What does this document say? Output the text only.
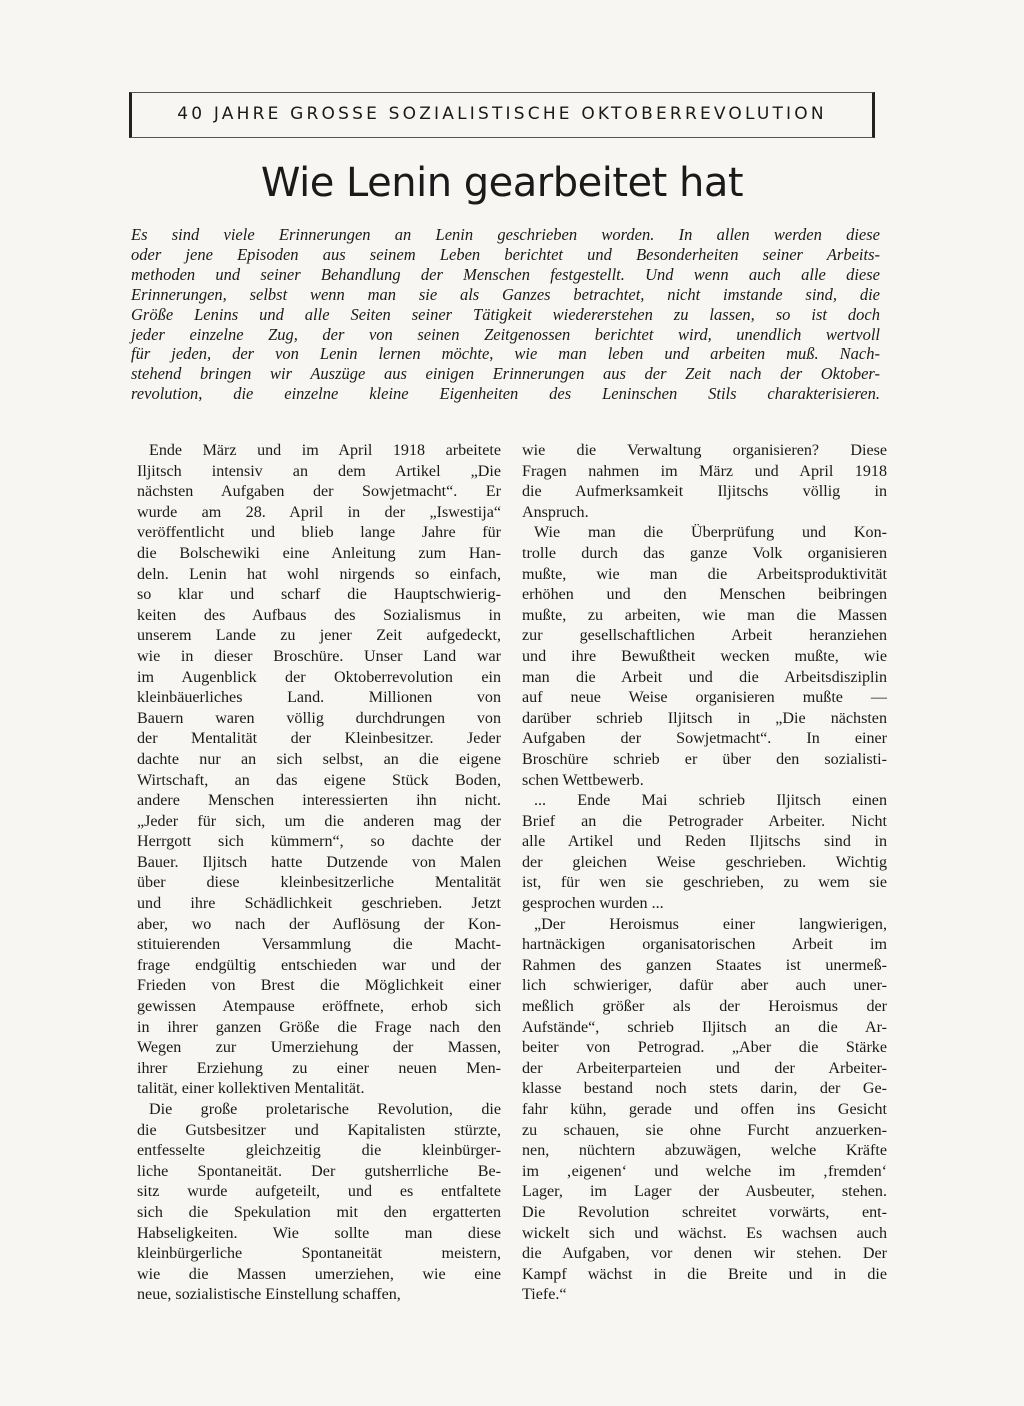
40 JAHRE GROSSE SOZIALISTISCHE OKTOBERREVOLUTION
Wie Lenin gearbeitet hat
Es sind viele Erinnerungen an Lenin geschrieben worden. In allen werden diese
oder jene Episoden aus seinem Leben berichtet und Besonderheiten seiner Arbeits-
methoden und seiner Behandlung der Menschen festgestellt. Und wenn auch alle diese
Erinnerungen, selbst wenn man sie als Ganzes betrachtet, nicht imstande sind, die
Größe Lenins und alle Seiten seiner Tätigkeit wiedererstehen zu lassen, so ist doch
jeder einzelne Zug, der von seinen Zeitgenossen berichtet wird, unendlich wertvoll
für jeden, der von Lenin lernen möchte, wie man leben und arbeiten muß. Nach-
stehend bringen wir Auszüge aus einigen Erinnerungen aus der Zeit nach der Oktober-
revolution, die einzelne kleine Eigenheiten des Leninschen Stils charakterisieren.
Ende März und im April 1918 arbeitete
Iljitsch intensiv an dem Artikel „Die
nächsten Aufgaben der Sowjetmacht“. Er
wurde am 28. April in der „Iswestija“
veröffentlicht und blieb lange Jahre für
die Bolschewiki eine Anleitung zum Han-
deln. Lenin hat wohl nirgends so einfach,
so klar und scharf die Hauptschwierig-
keiten des Aufbaus des Sozialismus in
unserem Lande zu jener Zeit aufgedeckt,
wie in dieser Broschüre. Unser Land war
im Augenblick der Oktoberrevolution ein
kleinbäuerliches Land. Millionen von
Bauern waren völlig durchdrungen von
der Mentalität der Kleinbesitzer. Jeder
dachte nur an sich selbst, an die eigene
Wirtschaft, an das eigene Stück Boden,
andere Menschen interessierten ihn nicht.
„Jeder für sich, um die anderen mag der
Herrgott sich kümmern“, so dachte der
Bauer. Iljitsch hatte Dutzende von Malen
über diese kleinbesitzerliche Mentalität
und ihre Schädlichkeit geschrieben. Jetzt
aber, wo nach der Auflösung der Kon-
stituierenden Versammlung die Macht-
frage endgültig entschieden war und der
Frieden von Brest die Möglichkeit einer
gewissen Atempause eröffnete, erhob sich
in ihrer ganzen Größe die Frage nach den
Wegen zur Umerziehung der Massen,
ihrer Erziehung zu einer neuen Men-
talität, einer kollektiven Mentalität.
Die große proletarische Revolution, die
die Gutsbesitzer und Kapitalisten stürzte,
entfesselte gleichzeitig die kleinbürger-
liche Spontaneität. Der gutsherrliche Be-
sitz wurde aufgeteilt, und es entfaltete
sich die Spekulation mit den ergatterten
Habseligkeiten. Wie sollte man diese
kleinbürgerliche Spontaneität meistern,
wie die Massen umerziehen, wie eine
neue, sozialistische Einstellung schaffen,
wie die Verwaltung organisieren? Diese
Fragen nahmen im März und April 1918
die Aufmerksamkeit Iljitschs völlig in
Anspruch.
Wie man die Überprüfung und Kon-
trolle durch das ganze Volk organisieren
mußte, wie man die Arbeitsproduktivität
erhöhen und den Menschen beibringen
mußte, zu arbeiten, wie man die Massen
zur gesellschaftlichen Arbeit heranziehen
und ihre Bewußtheit wecken mußte, wie
man die Arbeit und die Arbeitsdisziplin
auf neue Weise organisieren mußte —
darüber schrieb Iljitsch in „Die nächsten
Aufgaben der Sowjetmacht“. In einer
Broschüre schrieb er über den sozialisti-
schen Wettbewerb.
... Ende Mai schrieb Iljitsch einen
Brief an die Petrograder Arbeiter. Nicht
alle Artikel und Reden Iljitschs sind in
der gleichen Weise geschrieben. Wichtig
ist, für wen sie geschrieben, zu wem sie
gesprochen wurden ...
„Der Heroismus einer langwierigen,
hartnäckigen organisatorischen Arbeit im
Rahmen des ganzen Staates ist unermeß-
lich schwieriger, dafür aber auch uner-
meßlich größer als der Heroismus der
Aufstände“, schrieb Iljitsch an die Ar-
beiter von Petrograd. „Aber die Stärke
der Arbeiterparteien und der Arbeiter-
klasse bestand noch stets darin, der Ge-
fahr kühn, gerade und offen ins Gesicht
zu schauen, sie ohne Furcht anzuerken-
nen, nüchtern abzuwägen, welche Kräfte
im ‚eigenen‘ und welche im ‚fremden‘
Lager, im Lager der Ausbeuter, stehen.
Die Revolution schreitet vorwärts, ent-
wickelt sich und wächst. Es wachsen auch
die Aufgaben, vor denen wir stehen. Der
Kampf wächst in die Breite und in die
Tiefe.“
